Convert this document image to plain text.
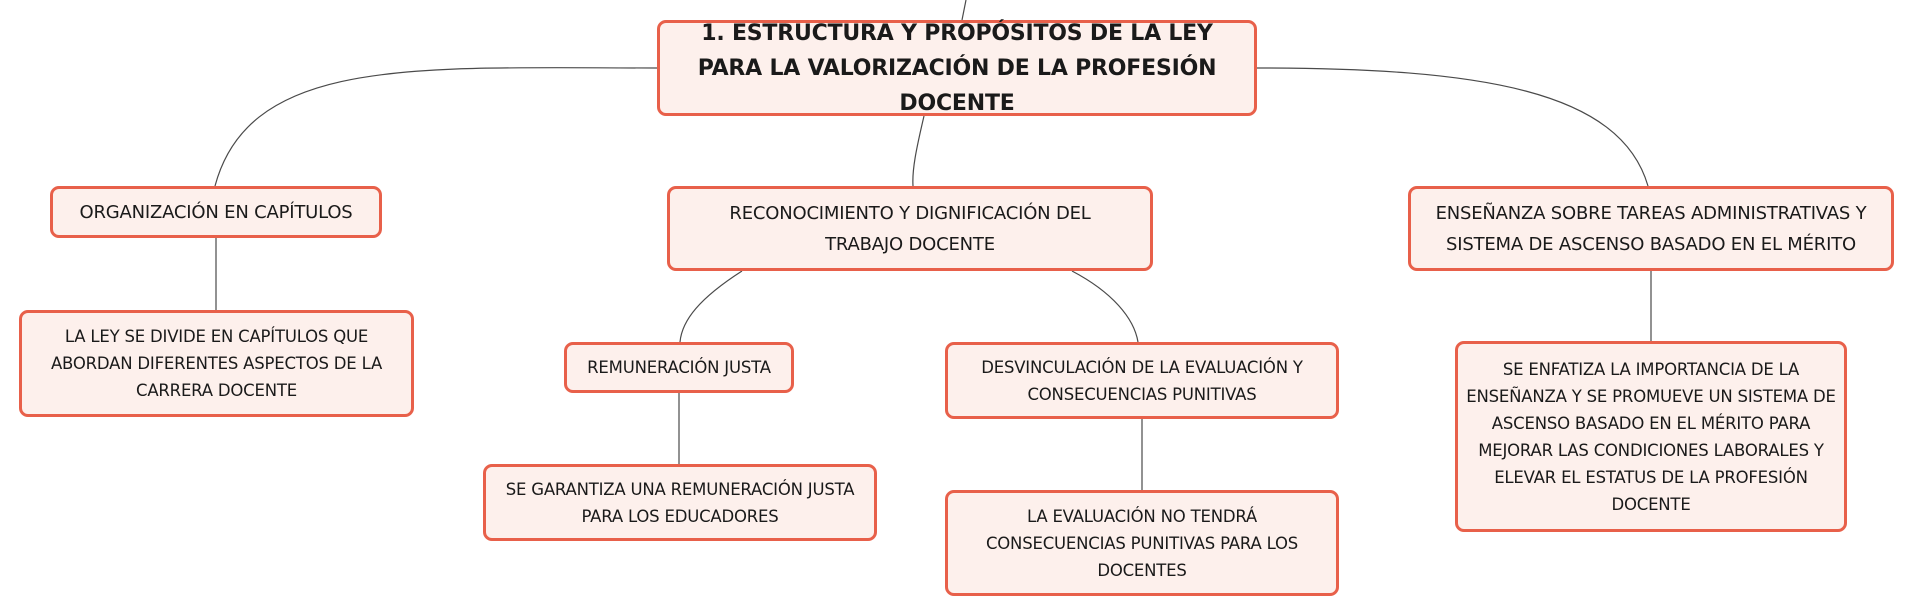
1. ESTRUCTURA Y PROPÓSITOS DE LA LEY PARA LA VALORIZACIÓN DE LA PROFESIÓN DOCENTE
ORGANIZACIÓN EN CAPÍTULOS	RECONOCIMIENTO Y DIGNIFICACIÓN DEL TRABAJO DOCENTE
ENSEÑANZA SOBRE TAREAS ADMINISTRATIVAS Y SISTEMA DE ASCENSO BASADO EN EL MÉRITO
LA LEY SE DIVIDE EN CAPÍTULOS QUE ABORDAN DIFERENTES ASPECTOS DE LA CARRERA DOCENTE
REMUNERACIÓN JUSTA	DESVINCULACIÓN DE LA EVALUACIÓN Y CONSECUENCIAS PUNITIVAS
SE GARANTIZA UNA REMUNERACIÓN JUSTA PARA LOS EDUCADORES	LA EVALUACIÓN NO TENDRÁ CONSECUENCIAS PUNITIVAS PARA LOS DOCENTES
SE ENFATIZA LA IMPORTANCIA DE LA ENSEÑANZA Y SE PROMUEVE UN SISTEMA DE ASCENSO BASADO EN EL MÉRITO PARA MEJORAR LAS CONDICIONES LABORALES Y ELEVAR EL ESTATUS DE LA PROFESIÓN DOCENTE
